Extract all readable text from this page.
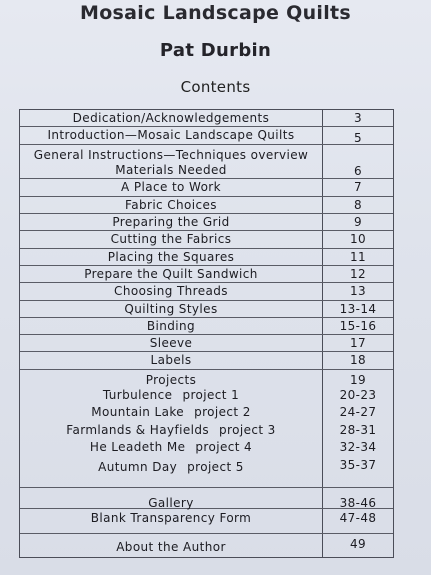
Mosaic Landscape Quilts
Pat Durbin
Contents
Dedication/Acknowledgements	3
Introduction—Mosaic Landscape Quilts	5
General Instructions—Techniques overview
Materials Needed	6
A Place to Work	7
Fabric Choices	8
Preparing the Grid	9
Cutting the Fabrics	10
Placing the Squares	11
Prepare the Quilt Sandwich	12
Choosing Threads	13
Quilting Styles	13-14
Binding	15-16
Sleeve	17
Labels	18
Projects	19
Turbulence project 1	20-23
Mountain Lake project 2	24-27
Farmlands & Hayfields project 3	28-31
He Leadeth Me project 4	32-34
Autumn Day project 5	35-37
Gallery	38-46
Blank Transparency Form	47-48
About the Author	49
